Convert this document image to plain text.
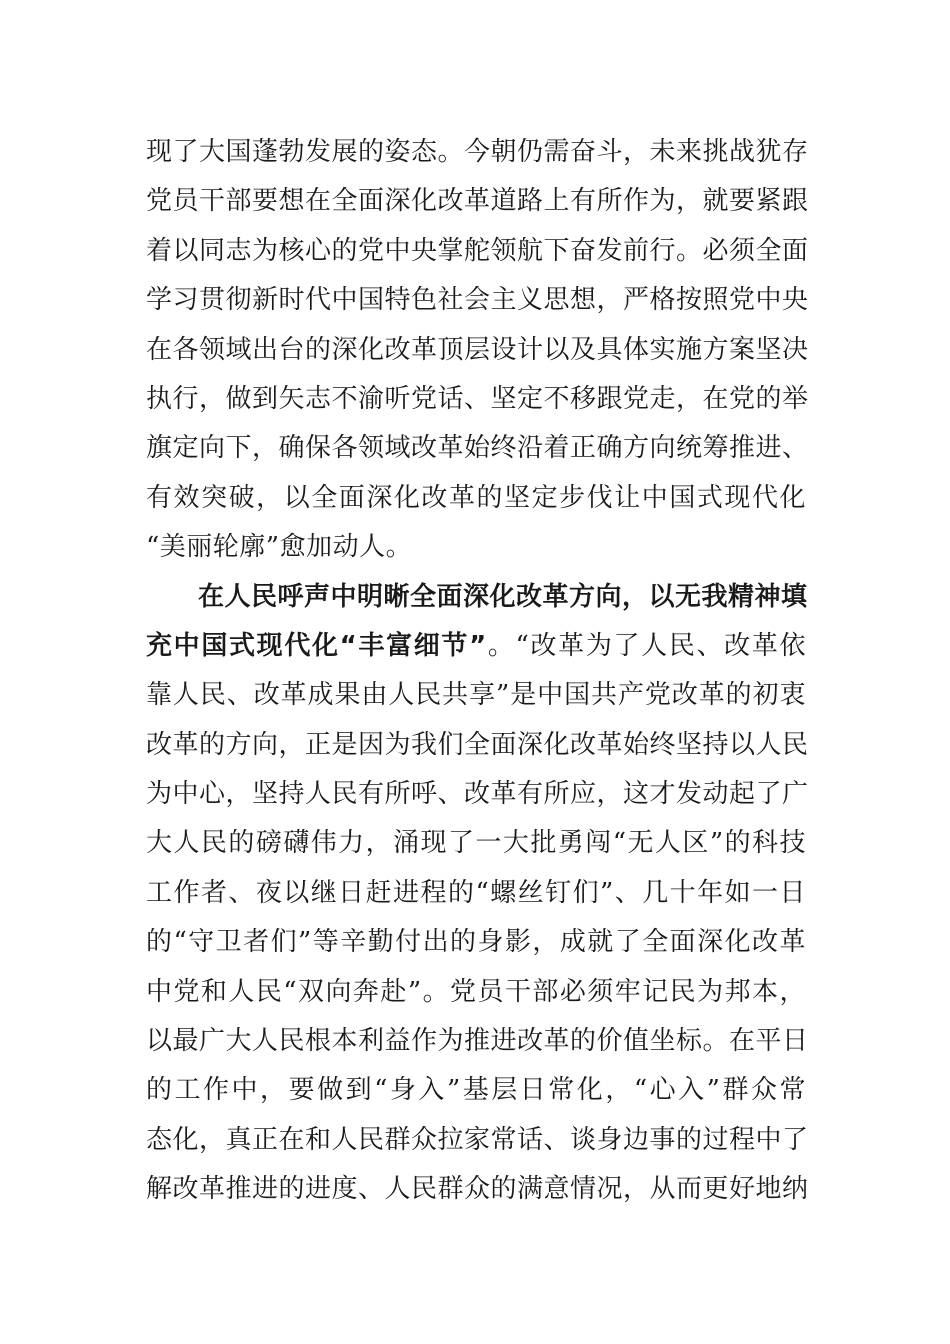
现了大国蓬勃发展的姿态。今朝仍需奋斗，未来挑战犹存
党员干部要想在全面深化改革道路上有所作为，就要紧跟
着以同志为核心的党中央掌舵领航下奋发前行。必须全面
学习贯彻新时代中国特色社会主义思想，严格按照党中央
在各领域出台的深化改革顶层设计以及具体实施方案坚决
执行，做到矢志不渝听党话、坚定不移跟党走，在党的举
旗定向下，确保各领域改革始终沿着正确方向统筹推进、
有效突破，以全面深化改革的坚定步伐让中国式现代化
“美丽轮廓”愈加动人。
在人民呼声中明晰全面深化改革方向，以无我精神填
充中国式现代化“丰富细节”。“改革为了人民、改革依
靠人民、改革成果由人民共享”是中国共产党改革的初衷
改革的方向，正是因为我们全面深化改革始终坚持以人民
为中心，坚持人民有所呼、改革有所应，这才发动起了广
大人民的磅礴伟力，涌现了一大批勇闯“无人区”的科技
工作者、夜以继日赶进程的“螺丝钉们”、几十年如一日
的“守卫者们”等辛勤付出的身影，成就了全面深化改革
中党和人民“双向奔赴”。党员干部必须牢记民为邦本，
以最广大人民根本利益作为推进改革的价值坐标。在平日
的工作中，要做到“身入”基层日常化，“心入”群众常
态化，真正在和人民群众拉家常话、谈身边事的过程中了
解改革推进的进度、人民群众的满意情况，从而更好地纳
